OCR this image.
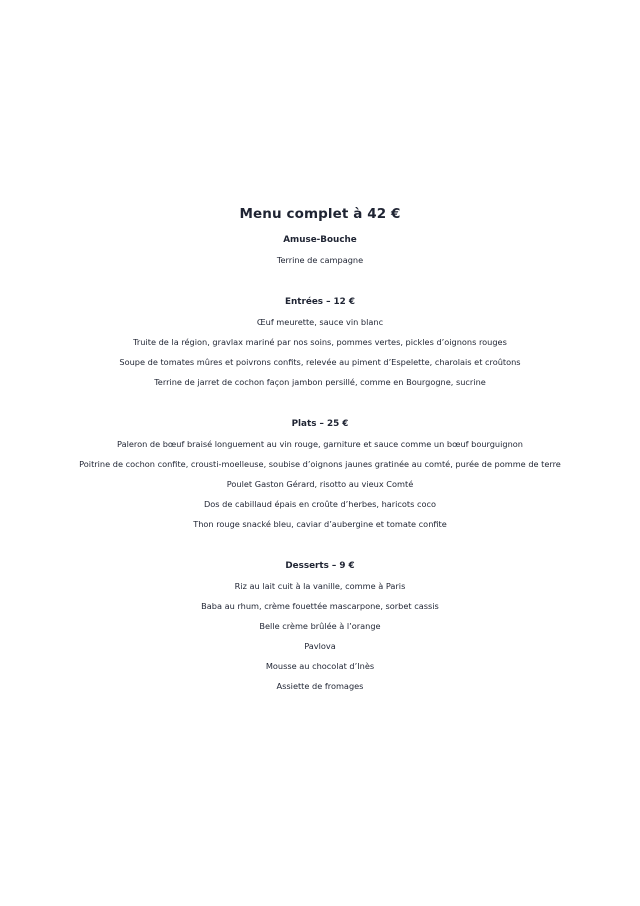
Menu complet à 42 €
Amuse-Bouche
Terrine de campagne
Entrées – 12 €
Œuf meurette, sauce vin blanc
Truite de la région, gravlax mariné par nos soins, pommes vertes, pickles d’oignons rouges
Soupe de tomates mûres et poivrons confits, relevée au piment d’Espelette, charolais et croûtons
Terrine de jarret de cochon façon jambon persillé, comme en Bourgogne, sucrine
Plats – 25 €
Paleron de bœuf braisé longuement au vin rouge, garniture et sauce comme un bœuf bourguignon
Poitrine de cochon confite, crousti-moelleuse, soubise d’oignons jaunes gratinée au comté, purée de pomme de terre
Poulet Gaston Gérard, risotto au vieux Comté
Dos de cabillaud épais en croûte d’herbes, haricots coco
Thon rouge snacké bleu, caviar d’aubergine et tomate confite
Desserts – 9 €
Riz au lait cuit à la vanille, comme à Paris
Baba au rhum, crème fouettée mascarpone, sorbet cassis
Belle crème brûlée à l’orange
Pavlova
Mousse au chocolat d’Inès
Assiette de fromages
